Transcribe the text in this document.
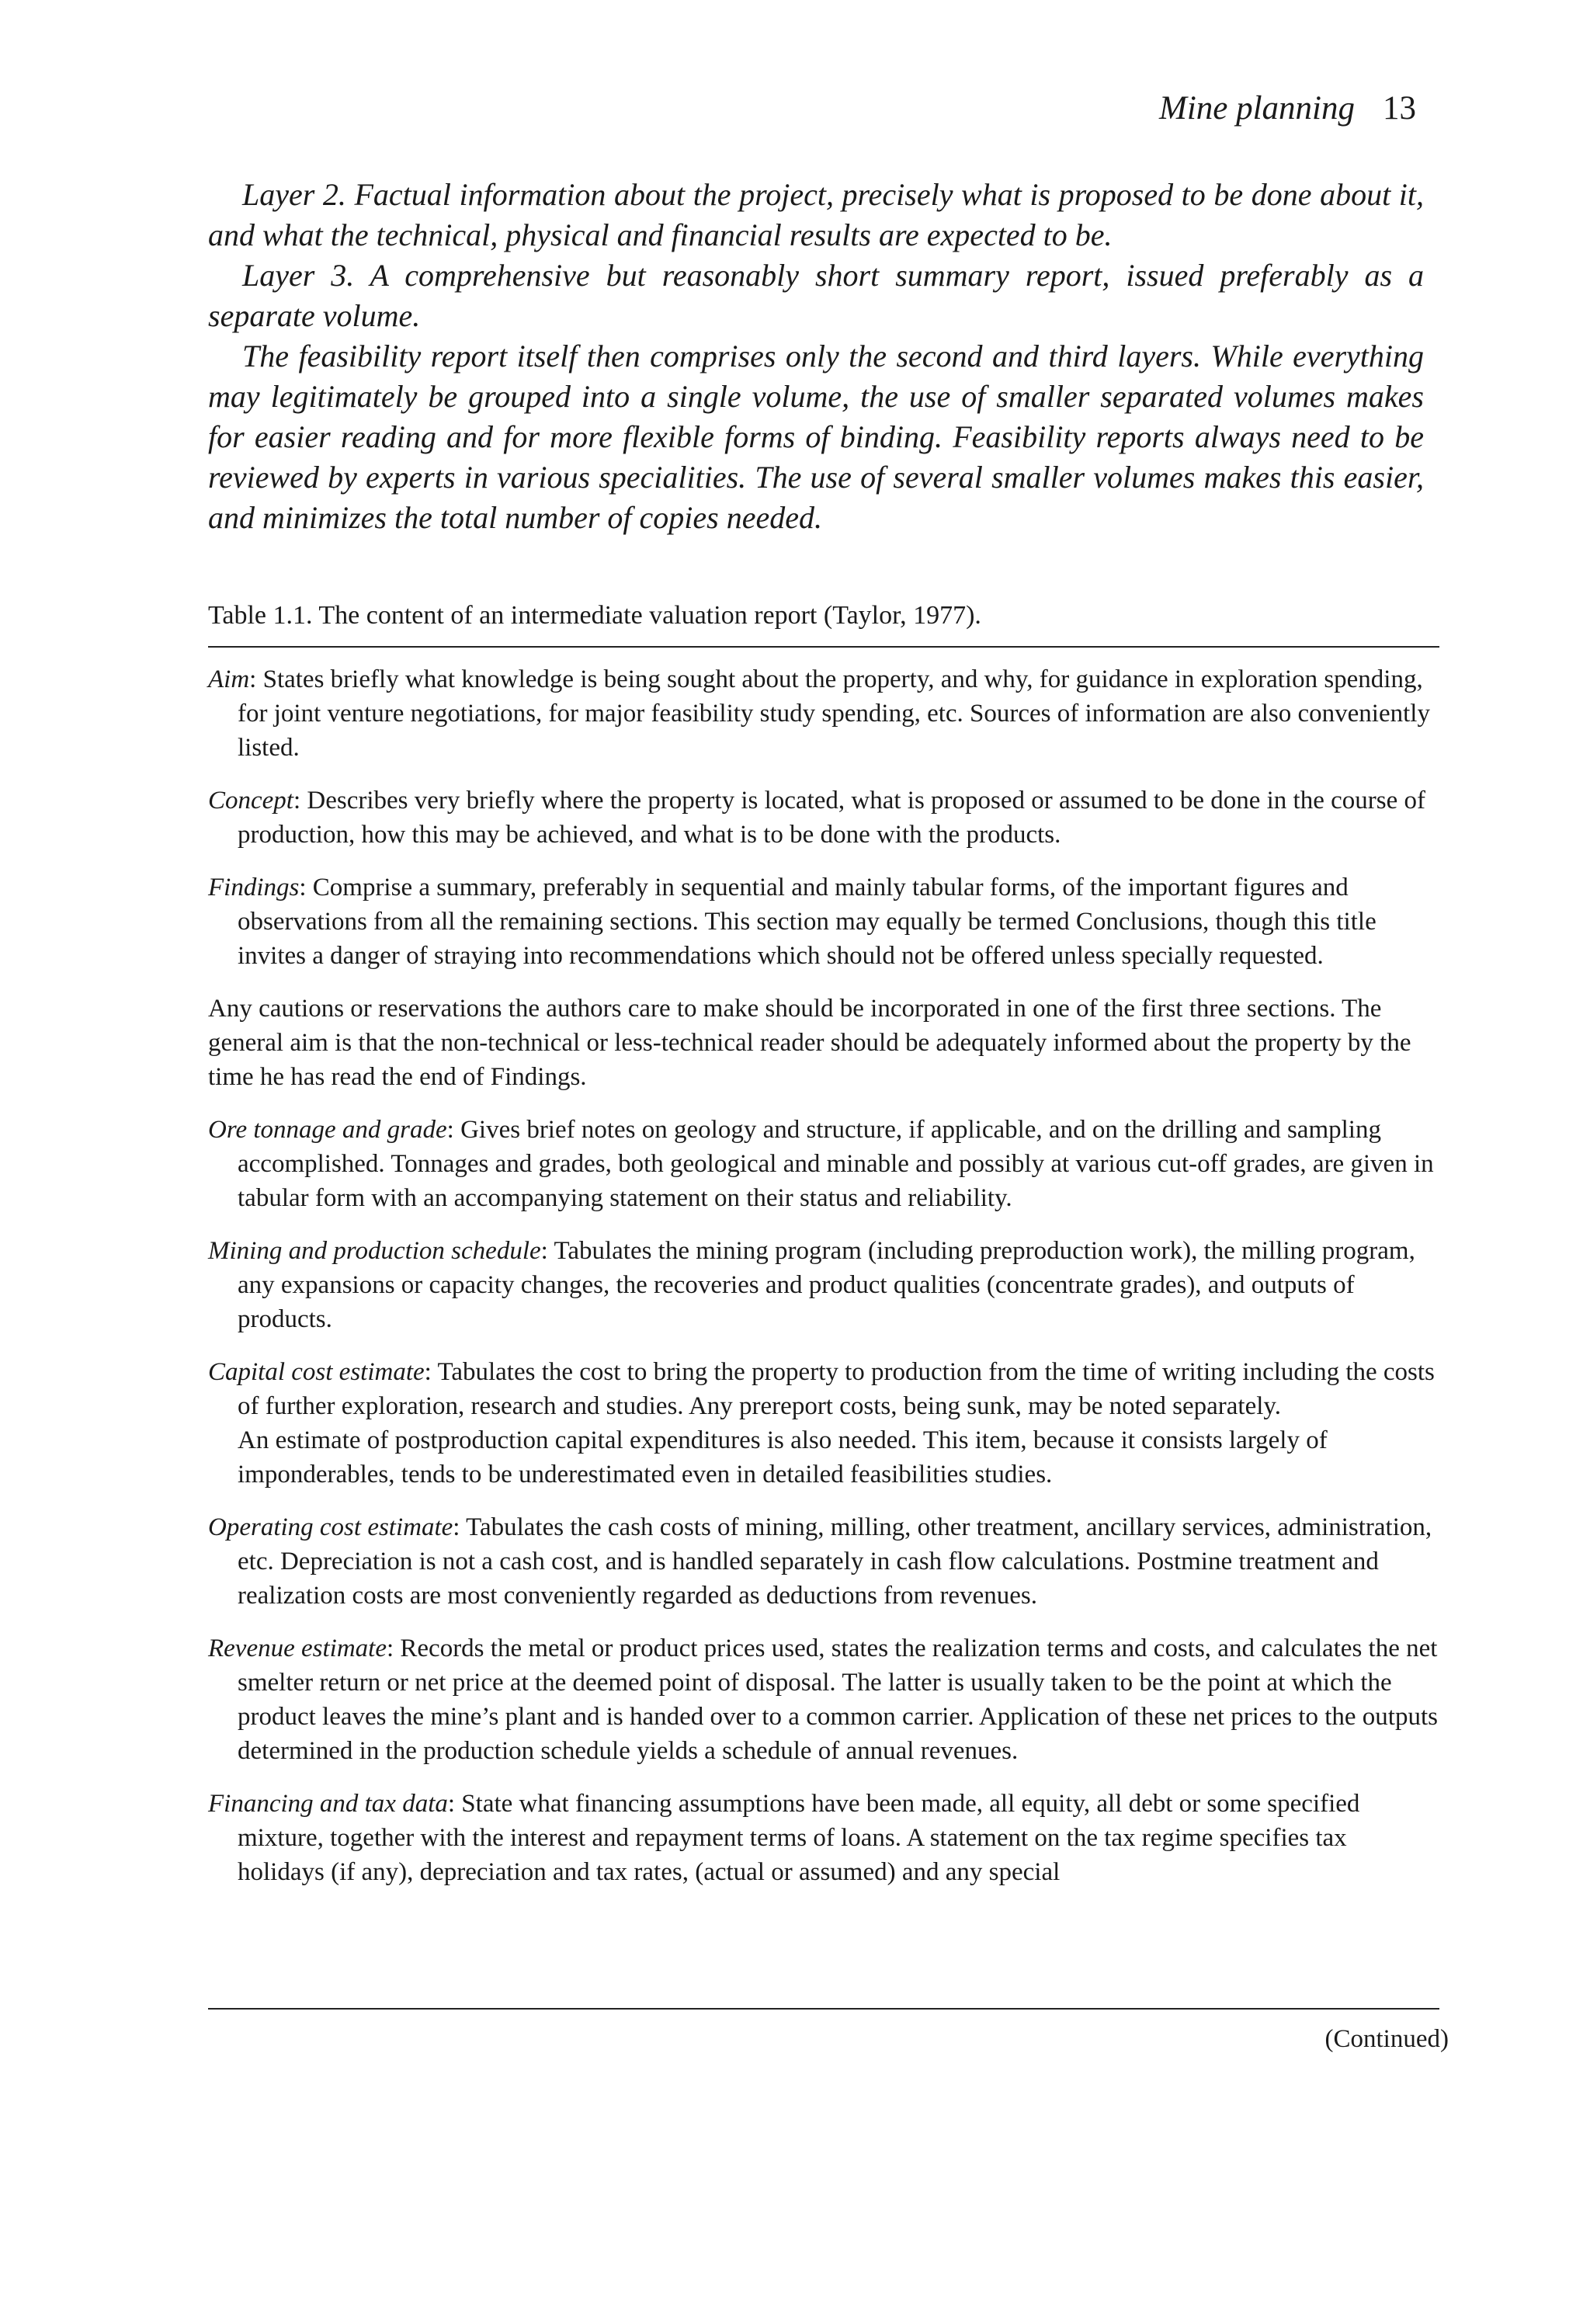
Mine planning 13

Layer 2. Factual information about the project, precisely what is proposed to be done about it, and what the technical, physical and financial results are expected to be.

Layer 3. A comprehensive but reasonably short summary report, issued preferably as a separate volume.

The feasibility report itself then comprises only the second and third layers. While everything may legitimately be grouped into a single volume, the use of smaller separated volumes makes for easier reading and for more flexible forms of binding. Feasibility reports always need to be reviewed by experts in various specialities. The use of several smaller volumes makes this easier, and minimizes the total number of copies needed.

Table 1.1. The content of an intermediate valuation report (Taylor, 1977).

Aim: States briefly what knowledge is being sought about the property, and why, for guidance in exploration spending, for joint venture negotiations, for major feasibility study spending, etc. Sources of information are also conveniently listed.

Concept: Describes very briefly where the property is located, what is proposed or assumed to be done in the course of production, how this may be achieved, and what is to be done with the products.

Findings: Comprise a summary, preferably in sequential and mainly tabular forms, of the important figures and observations from all the remaining sections. This section may equally be termed Conclusions, though this title invites a danger of straying into recommendations which should not be offered unless specially requested.

Any cautions or reservations the authors care to make should be incorporated in one of the first three sections. The general aim is that the non-technical or less-technical reader should be adequately informed about the property by the time he has read the end of Findings.

Ore tonnage and grade: Gives brief notes on geology and structure, if applicable, and on the drilling and sampling accomplished. Tonnages and grades, both geological and minable and possibly at various cut-off grades, are given in tabular form with an accompanying statement on their status and reliability.

Mining and production schedule: Tabulates the mining program (including preproduction work), the milling program, any expansions or capacity changes, the recoveries and product qualities (concentrate grades), and outputs of products.

Capital cost estimate: Tabulates the cost to bring the property to production from the time of writing including the costs of further exploration, research and studies. Any prereport costs, being sunk, may be noted separately.
An estimate of postproduction capital expenditures is also needed. This item, because it consists largely of imponderables, tends to be underestimated even in detailed feasibilities studies.

Operating cost estimate: Tabulates the cash costs of mining, milling, other treatment, ancillary services, administration, etc. Depreciation is not a cash cost, and is handled separately in cash flow calculations. Postmine treatment and realization costs are most conveniently regarded as deductions from revenues.

Revenue estimate: Records the metal or product prices used, states the realization terms and costs, and calculates the net smelter return or net price at the deemed point of disposal. The latter is usually taken to be the point at which the product leaves the mine’s plant and is handed over to a common carrier. Application of these net prices to the outputs determined in the production schedule yields a schedule of annual revenues.

Financing and tax data: State what financing assumptions have been made, all equity, all debt or some specified mixture, together with the interest and repayment terms of loans. A statement on the tax regime specifies tax holidays (if any), depreciation and tax rates, (actual or assumed) and any special

(Continued)
